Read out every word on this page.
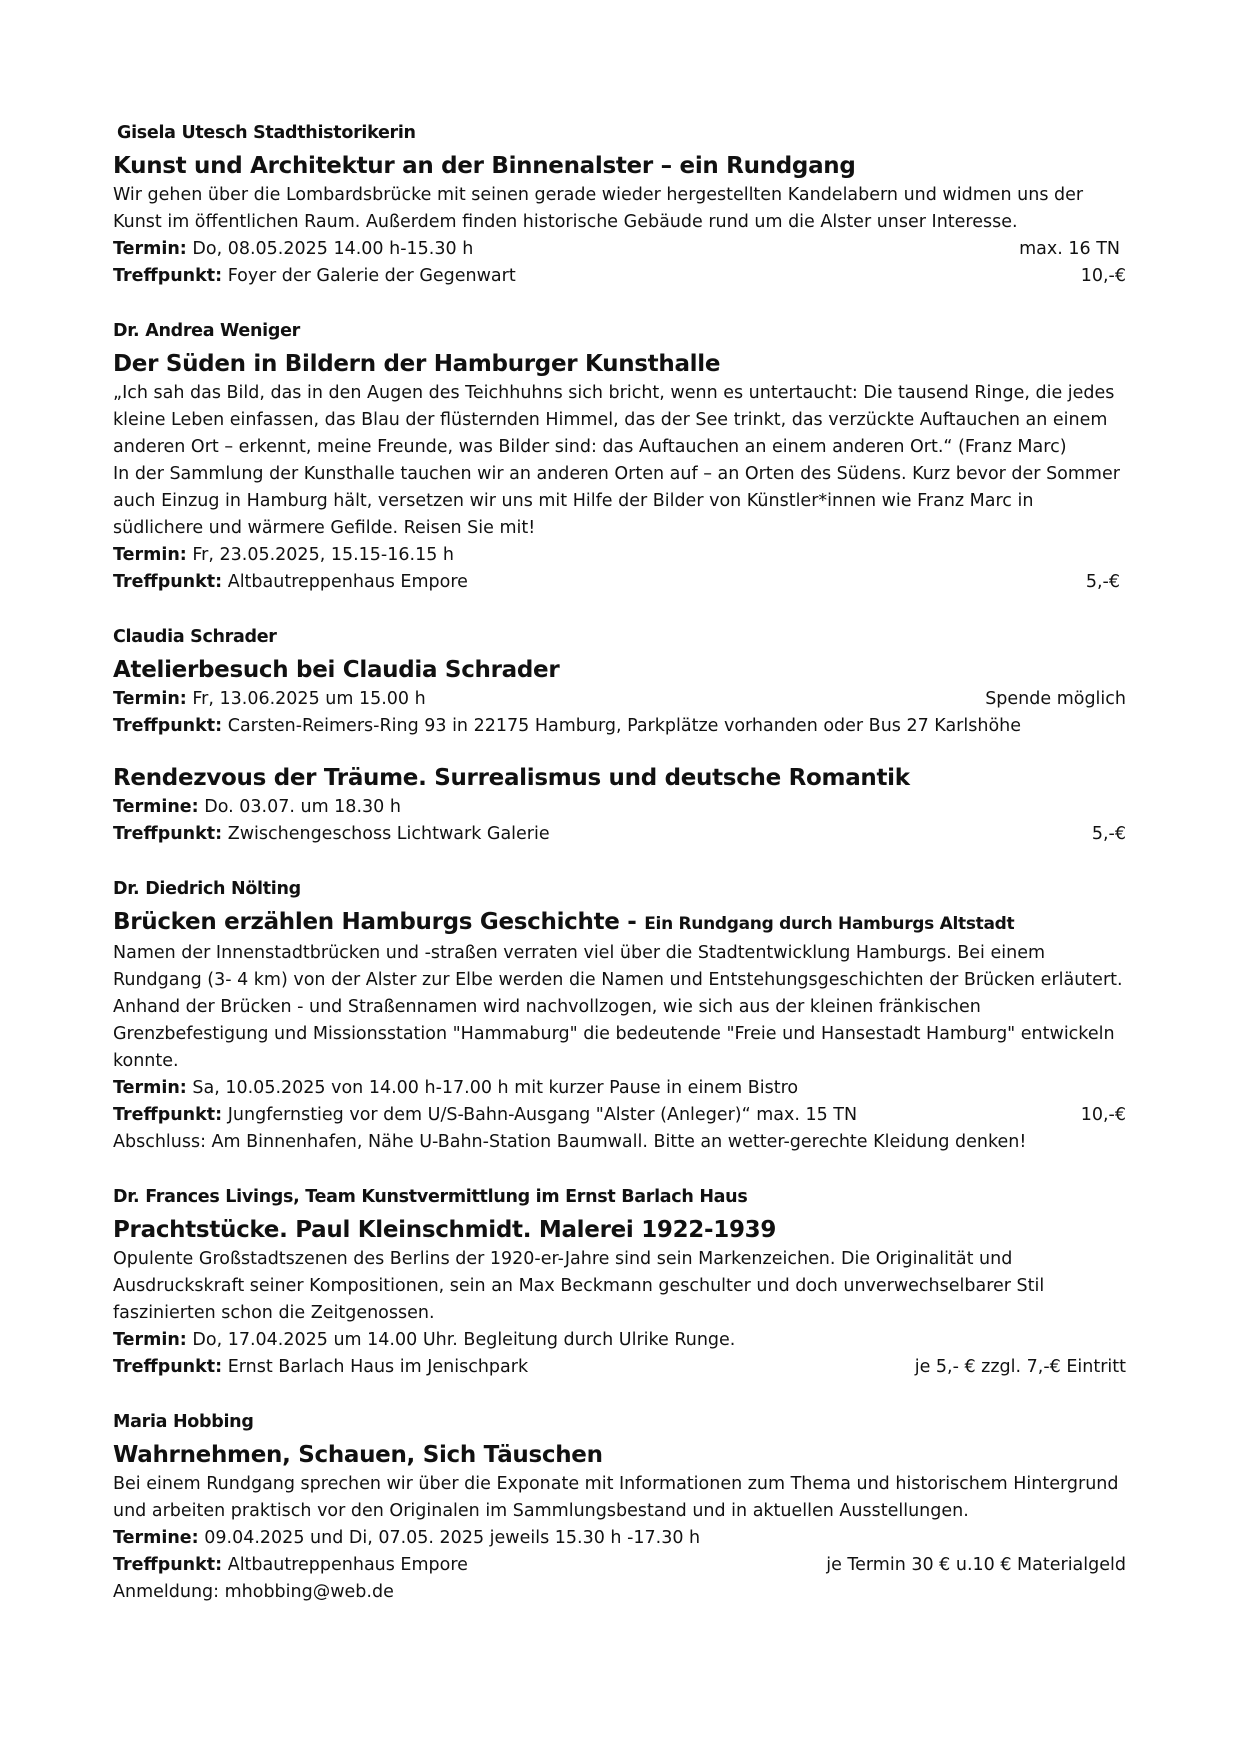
Gisela Utesch Stadthistorikerin
Kunst und Architektur an der Binnenalster – ein Rundgang

Wir gehen über die Lombardsbrücke mit seinen gerade wieder hergestellten Kandelabern und widmen uns der Kunst im öffentlichen Raum. Außerdem finden historische Gebäude rund um die Alster unser Interesse.

Termin: Do, 08.05.2025 14.00 h-15.30 h	max. 16 TN
Treffpunkt: Foyer der Galerie der Gegenwart	10,-€
Dr. Andrea Weniger
Der Süden in Bildern der Hamburger Kunsthalle

„Ich sah das Bild, das in den Augen des Teichhuhns sich bricht, wenn es untertaucht: Die tausend Ringe, die jedes kleine Leben einfassen, das Blau der flüsternden Himmel, das der See trinkt, das verzückte Auftauchen an einem anderen Ort – erkennt, meine Freunde, was Bilder sind: das Auftauchen an einem anderen Ort.“ (Franz Marc)

In der Sammlung der Kunsthalle tauchen wir an anderen Orten auf – an Orten des Südens. Kurz bevor der Sommer auch Einzug in Hamburg hält, versetzen wir uns mit Hilfe der Bilder von Künstler*innen wie Franz Marc in südlichere und wärmere Gefilde. Reisen Sie mit!

Termin: Fr, 23.05.2025, 15.15-16.15 h
Treffpunkt: Altbautreppenhaus Empore	5,-€
Claudia Schrader
Atelierbesuch bei Claudia Schrader
Termin: Fr, 13.06.2025 um 15.00 h	Spende möglich
Treffpunkt: Carsten-Reimers-Ring 93 in 22175 Hamburg, Parkplätze vorhanden oder Bus 27 Karlshöhe
Rendezvous der Träume. Surrealismus und deutsche Romantik
Termine: Do. 03.07. um 18.30 h
Treffpunkt: Zwischengeschoss Lichtwark Galerie	5,-€
Dr. Diedrich Nölting
Brücken erzählen Hamburgs Geschichte - Ein Rundgang durch Hamburgs Altstadt

Namen der Innenstadtbrücken und -straßen verraten viel über die Stadtentwicklung Hamburgs. Bei einem Rundgang (3- 4 km) von der Alster zur Elbe werden die Namen und Entstehungsgeschichten der Brücken erläutert. Anhand der Brücken - und Straßennamen wird nachvollzogen, wie sich aus der kleinen fränkischen Grenzbefestigung und Missionsstation "Hammaburg" die bedeutende "Freie und Hansestadt Hamburg" entwickeln konnte.

Termin: Sa, 10.05.2025 von 14.00 h-17.00 h mit kurzer Pause in einem Bistro
Treffpunkt: Jungfernstieg vor dem U/S-Bahn-Ausgang "Alster (Anleger)“ max. 15 TN	10,-€
Abschluss: Am Binnenhafen, Nähe U-Bahn-Station Baumwall. Bitte an wetter-gerechte Kleidung denken!
Dr. Frances Livings, Team Kunstvermittlung im Ernst Barlach Haus
Prachtstücke. Paul Kleinschmidt. Malerei 1922-1939

Opulente Großstadtszenen des Berlins der 1920-er-Jahre sind sein Markenzeichen. Die Originalität und Ausdruckskraft seiner Kompositionen, sein an Max Beckmann geschulter und doch unverwechselbarer Stil faszinierten schon die Zeitgenossen.

Termin: Do, 17.04.2025 um 14.00 Uhr. Begleitung durch Ulrike Runge.
Treffpunkt: Ernst Barlach Haus im Jenischpark	je 5,- € zzgl. 7,-€ Eintritt
Maria Hobbing
Wahrnehmen, Schauen, Sich Täuschen

Bei einem Rundgang sprechen wir über die Exponate mit Informationen zum Thema und historischem Hintergrund und arbeiten praktisch vor den Originalen im Sammlungsbestand und in aktuellen Ausstellungen.

Termine: 09.04.2025 und Di, 07.05. 2025 jeweils 15.30 h -17.30 h
Treffpunkt: Altbautreppenhaus Empore	je Termin 30 € u.10 € Materialgeld
Anmeldung: mhobbing@web.de
